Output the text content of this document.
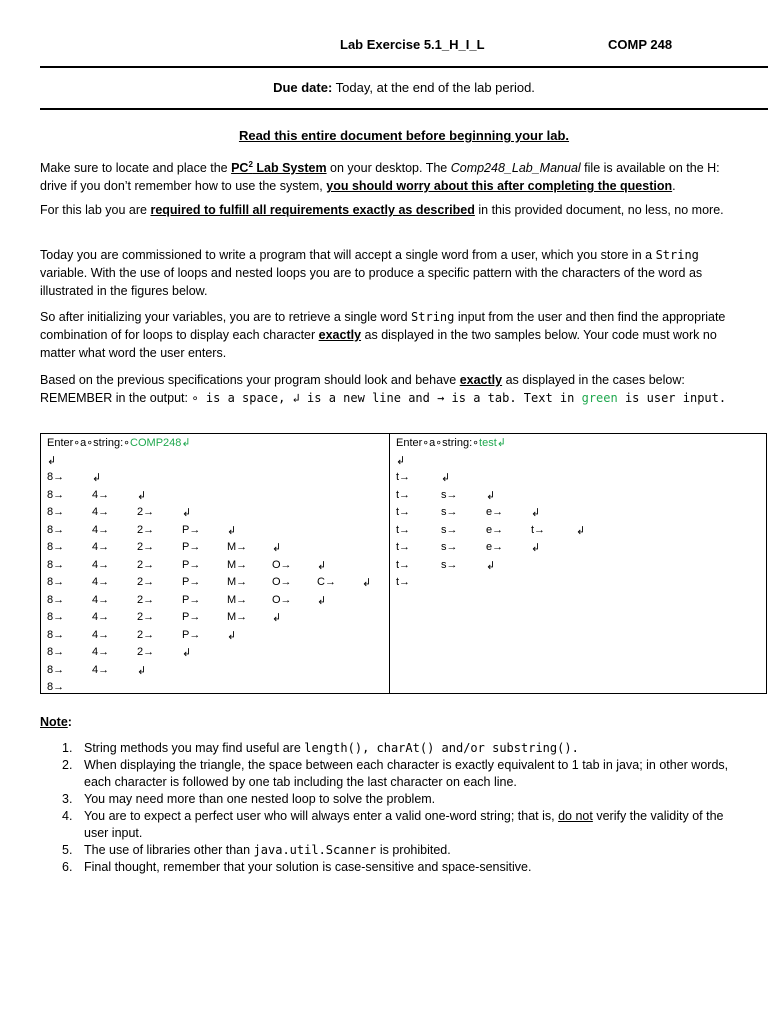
Lab Exercise 5.1_H_I_L	COMP 248
Due date: Today, at the end of the lab period.
Read this entire document before beginning your lab.
Make sure to locate and place the $PC^2$ Lab System on your desktop. The Comp248_Lab_Manual file is available on the H: drive if you don’t remember how to use the system, you should worry about this after completing the question.
For this lab you are required to fulfill all requirements exactly as described in this provided document, no less, no more.
Today you are commissioned to write a program that will accept a single word from a user, which you store in a String variable. With the use of loops and nested loops you are to produce a specific pattern with the characters of the word as illustrated in the figures below.
So after initializing your variables, you are to retrieve a single word String input from the user and then find the appropriate combination of for loops to display each character exactly as displayed in the two samples below. Your code must work no matter what word the user enters.
Based on the previous specifications your program should look and behave exactly as displayed in the cases below:
REMEMBER in the output: ∘ is a space, ↲ is a new line and → is a tab. Text in green is user input.
Enter∘a∘string:∘COMP248↲
↲
8→	↲
8→	4→	↲
8→	4→	2→	↲
8→	4→	2→	P→ ↲
8→	4→	2→	P→ M→ ↲
8→	4→	2→	P→ M→ O→ ↲
8→	4→	2→	P→ M→ O→ C→ ↲
8→	4→	2→	P→ M→ O→ ↲
8→	4→	2→	P→ M→ ↲
8→	4→	2→	P→ ↲
8→	4→	2→	↲
8→	4→	↲
8→
Enter∘a∘string:∘test↲
↲
t→	↲
t→	s→	↲
t→	s→	e→	↲
t→	s→	e→	t→	↲
t→	s→	e→	↲
t→	s→	↲
t→
Note:
1. String methods you may find useful are length(), charAt() and/or substring().
2. When displaying the triangle, the space between each character is exactly equivalent to 1 tab in java; in other words, each character is followed by one tab including the last character on each line.
3. You may need more than one nested loop to solve the problem.
4. You are to expect a perfect user who will always enter a valid one-word string; that is, do not verify the validity of the user input.
5. The use of libraries other than java.util.Scanner is prohibited.
6. Final thought, remember that your solution is case-sensitive and space-sensitive.
